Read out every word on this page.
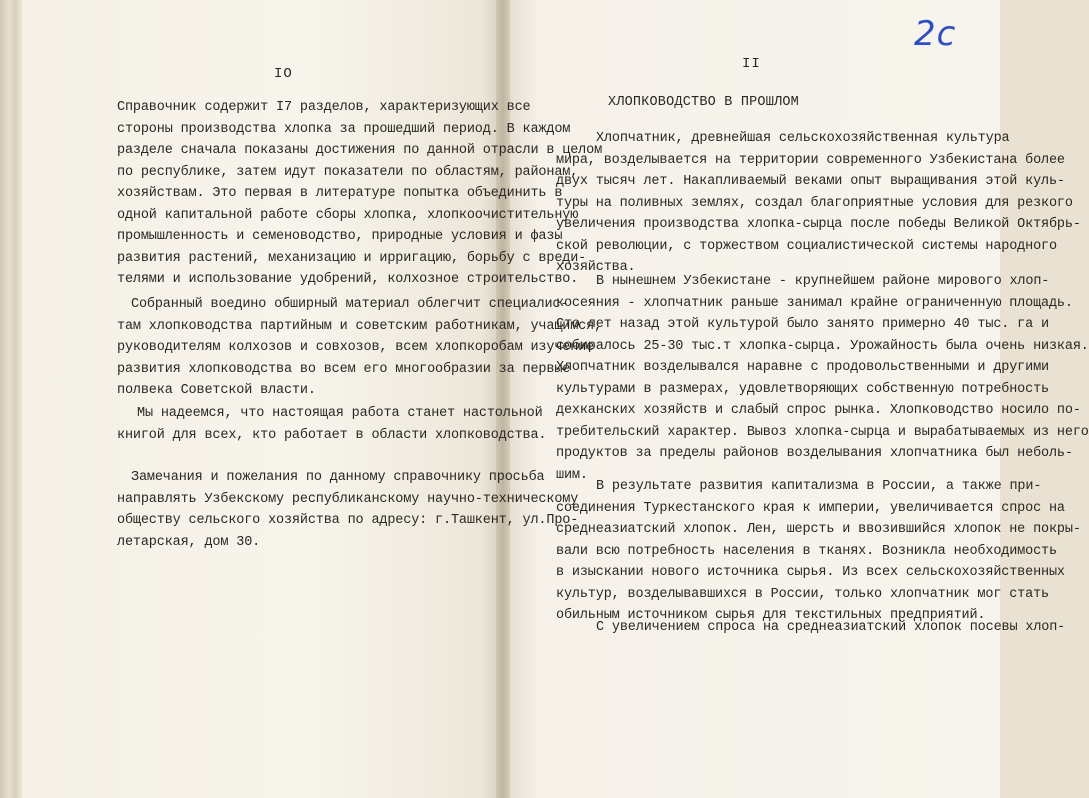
IO

Справочник содержит I7 разделов, характеризующих все
стороны производства хлопка за прошедший период. В каждом
разделе сначала показаны достижения по данной отрасли в целом
по республике, затем идут показатели по областям, районам,
хозяйствам. Это первая в литературе попытка объединить в
одной капитальной работе сборы хлопка, хлопкоочистительную
промышленность и семеноводство, природные условия и фазы
развития растений, механизацию и ирригацию, борьбу с вреди-
телями и использование удобрений, колхозное строительство.

Собранный воедино обширный материал облегчит специалис-
там хлопководства партийным и советским работникам, учащимся,
руководителям колхозов и совхозов, всем хлопкоробам изучение
развития хлопководства во всем его многообразии за первые
полвека Советской власти.

Мы надеемся, что настоящая работа станет настольной
книгой для всех, кто работает в области хлопководства.

Замечания и пожелания по данному справочнику просьба
направлять Узбекскому республиканскому научно-техническому
обществу сельского хозяйства по адресу: г.Ташкент, ул.Про-
летарская, дом 30.

2с
II
ХЛОПКОВОДСТВО В ПРОШЛОМ

Хлопчатник, древнейшая сельскохозяйственная культура
мира, возделывается на территории современного Узбекистана более
двух тысяч лет. Накапливаемый веками опыт выращивания этой куль-
туры на поливных землях, создал благоприятные условия для резкого
увеличения производства хлопка-сырца после победы Великой Октябрь-
ской революции, с торжеством социалистической системы народного
хозяйства.

В нынешнем Узбекистане - крупнейшем районе мирового хлоп-
косеяния - хлопчатник раньше занимал крайне ограниченную площадь.
Сто лет назад этой культурой было занято примерно 40 тыс. га и
собиралось 25-30 тыс.т хлопка-сырца. Урожайность была очень низкая.
Хлопчатник возделывался наравне с продовольственными и другими
культурами в размерах, удовлетворяющих собственную потребность
дехканских хозяйств и слабый спрос рынка. Хлопководство носило по-
требительский характер. Вывоз хлопка-сырца и вырабатываемых из него
продуктов за пределы районов возделывания хлопчатника был неболь-
шим.

В результате развития капитализма в России, а также при-
соединения Туркестанского края к империи, увеличивается спрос на
среднеазиатский хлопок. Лен, шерсть и ввозившийся хлопок не покры-
вали всю потребность населения в тканях. Возникла необходимость
в изыскании нового источника сырья. Из всех сельскохозяйственных
культур, возделывавшихся в России, только хлопчатник мог стать
обильным источником сырья для текстильных предприятий.

С увеличением спроса на среднеазиатский хлопок посевы хлоп-
